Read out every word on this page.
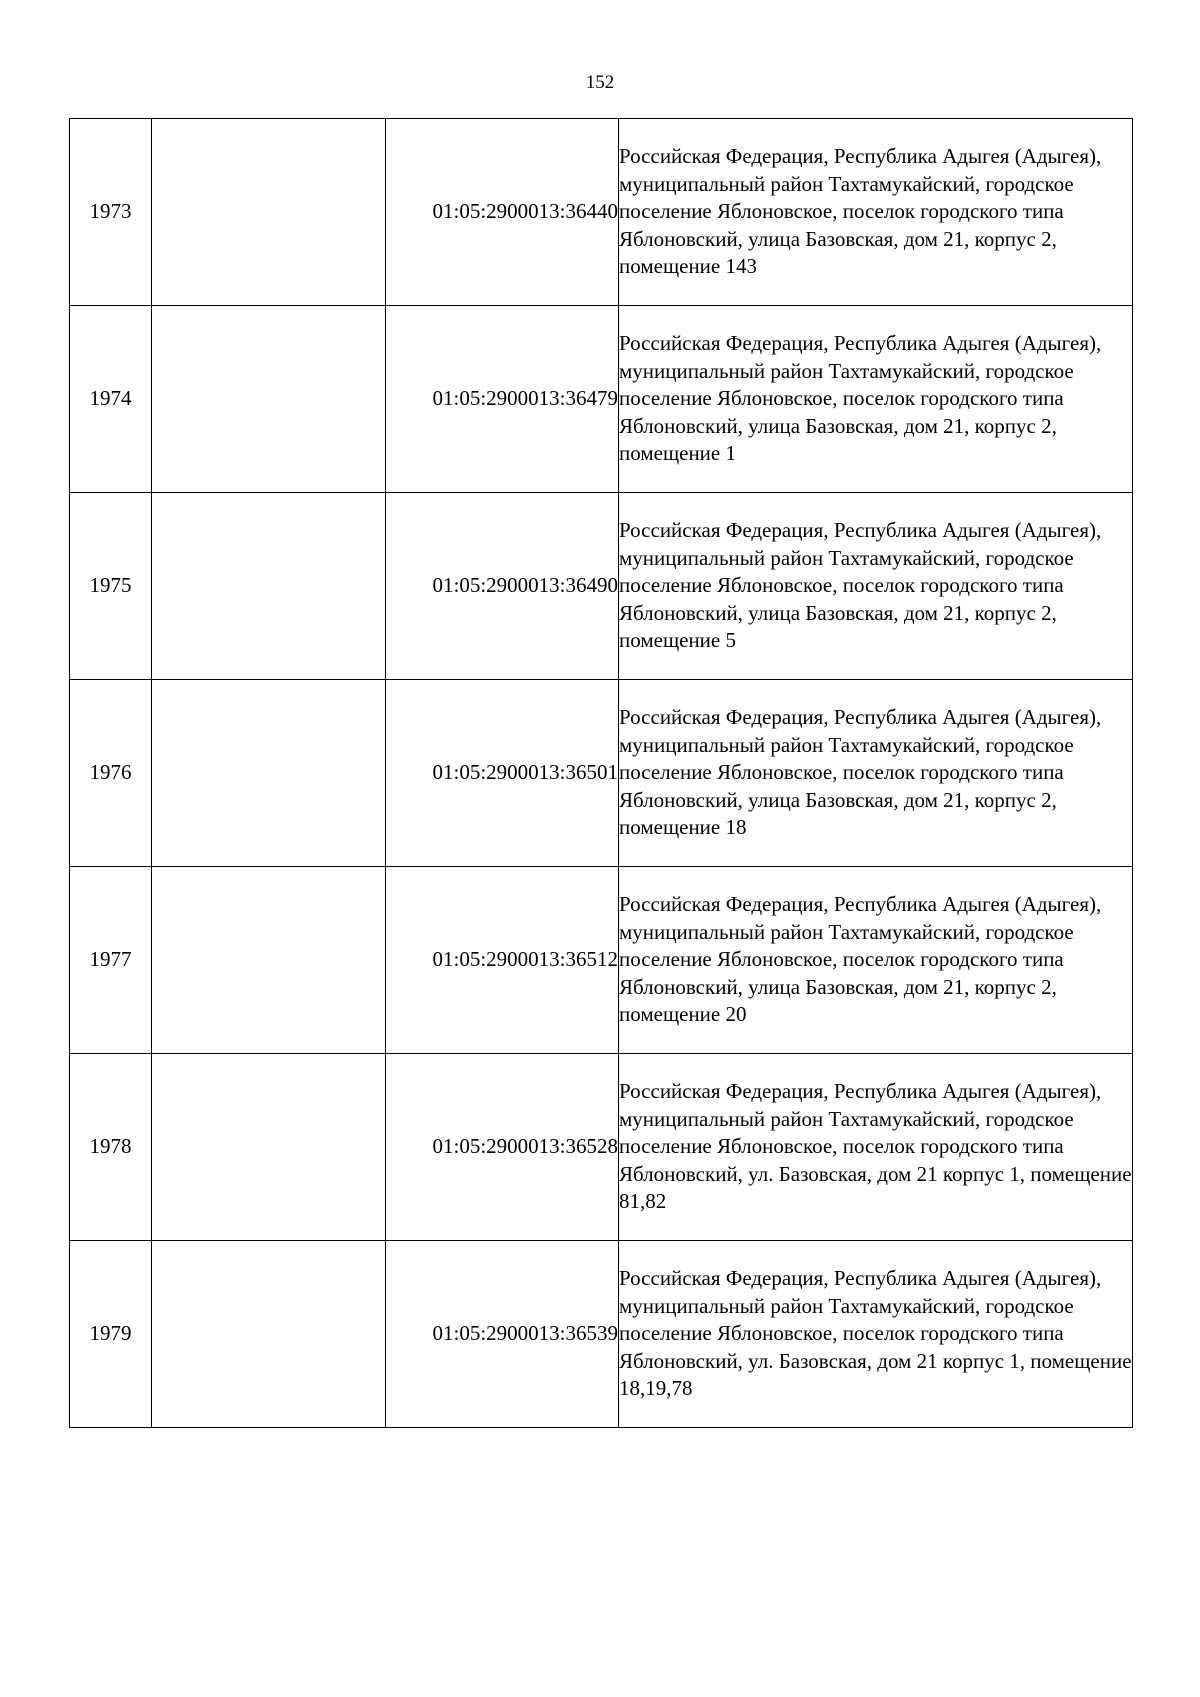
152
1973		01:05:2900013:36440	Российская Федерация, Республика Адыгея (Адыгея), муниципальный район Тахтамукайский, городское поселение Яблоновское, поселок городского типа Яблоновский, улица Базовская, дом 21, корпус 2, помещение 143
1974		01:05:2900013:36479	Российская Федерация, Республика Адыгея (Адыгея), муниципальный район Тахтамукайский, городское поселение Яблоновское, поселок городского типа Яблоновский, улица Базовская, дом 21, корпус 2, помещение 1
1975		01:05:2900013:36490	Российская Федерация, Республика Адыгея (Адыгея), муниципальный район Тахтамукайский, городское поселение Яблоновское, поселок городского типа Яблоновский, улица Базовская, дом 21, корпус 2, помещение 5
1976		01:05:2900013:36501	Российская Федерация, Республика Адыгея (Адыгея), муниципальный район Тахтамукайский, городское поселение Яблоновское, поселок городского типа Яблоновский, улица Базовская, дом 21, корпус 2, помещение 18
1977		01:05:2900013:36512	Российская Федерация, Республика Адыгея (Адыгея), муниципальный район Тахтамукайский, городское поселение Яблоновское, поселок городского типа Яблоновский, улица Базовская, дом 21, корпус 2, помещение 20
1978		01:05:2900013:36528	Российская Федерация, Республика Адыгея (Адыгея), муниципальный район Тахтамукайский, городское поселение Яблоновское, поселок городского типа Яблоновский, ул. Базовская, дом 21 корпус 1, помещение 81,82
1979		01:05:2900013:36539	Российская Федерация, Республика Адыгея (Адыгея), муниципальный район Тахтамукайский, городское поселение Яблоновское, поселок городского типа Яблоновский, ул. Базовская, дом 21 корпус 1, помещение 18,19,78
